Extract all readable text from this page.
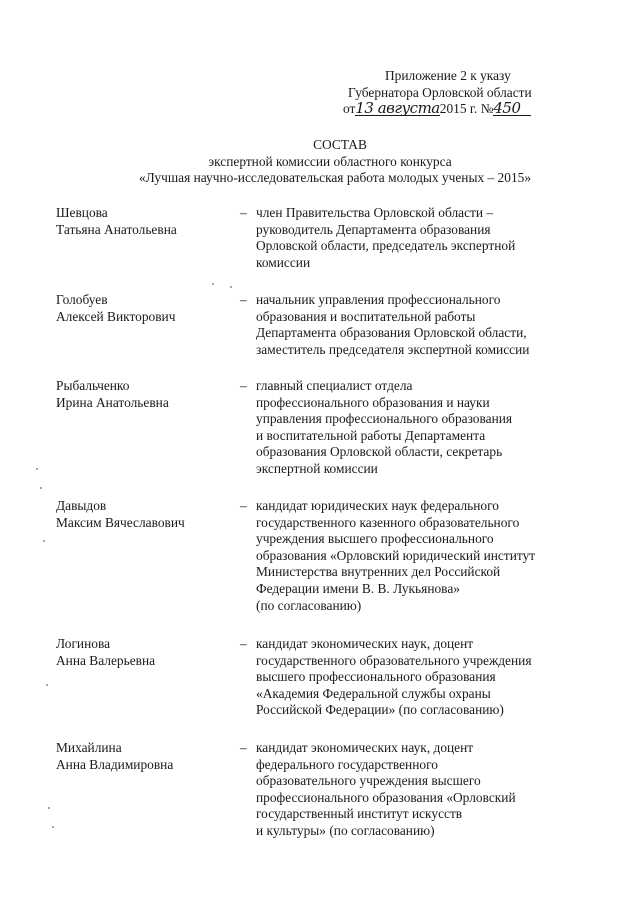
Приложение 2 к указу
Губернатора Орловской области
от13 августа2015 г. №450
СОСТАВ
экспертной комиссии областного конкурса
«Лучшая научно-исследовательская работа молодых ученых – 2015»
Шевцова
Татьяна Анатольевна
– член Правительства Орловской области –
руководитель Департамента образования
Орловской области, председатель экспертной
комиссии
Голобуев
Алексей Викторович
– начальник управления профессионального
образования и воспитательной работы
Департамента образования Орловской области,
заместитель председателя экспертной комиссии
Рыбальченко
Ирина Анатольевна
– главный специалист отдела
профессионального образования и науки
управления профессионального образования
и воспитательной работы Департамента
образования Орловской области, секретарь
экспертной комиссии
Давыдов
Максим Вячеславович
– кандидат юридических наук федерального
государственного казенного образовательного
учреждения высшего профессионального
образования «Орловский юридический институт
Министерства внутренних дел Российской
Федерации имени В. В. Лукьянова»
(по согласованию)
Логинова
Анна Валерьевна
– кандидат экономических наук, доцент
государственного образовательного учреждения
высшего профессионального образования
«Академия Федеральной службы охраны
Российской Федерации» (по согласованию)
Михайлина
Анна Владимировна
– кандидат экономических наук, доцент
федерального государственного
образовательного учреждения высшего
профессионального образования «Орловский
государственный институт искусств
и культуры» (по согласованию)
